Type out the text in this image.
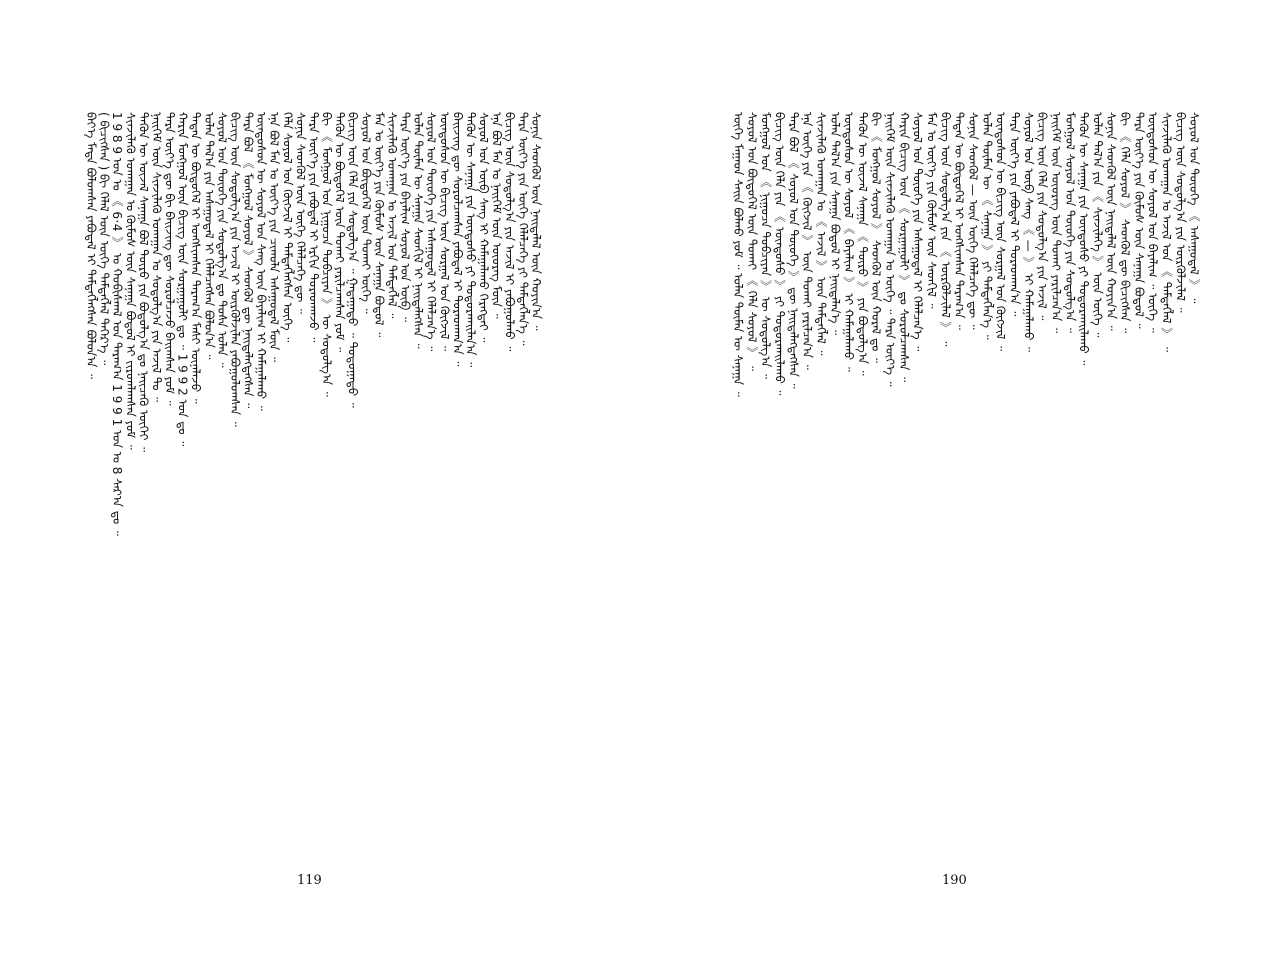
ᠪᠡᠶ᠎ᠡ ᠮᠡᠳᠡ ᠪᠤᠯᠤᠭᠰᠠᠨ ᠶᠠᠪᠤᠳᠠᠯ ᠢ ᠲᠡᠮᠳᠡᠭᠯᠡᠭᠰᠡᠨ ᠪᠣᠯᠤᠨ᠎ᠠ ᠃ ( ᠪᠢᠴᠢᠭᠰᠡᠨ ) ᠪᠢ ᠬᠡᠯᠡᠯ ᠦᠨ ᠦᠭᠡ ᠲᠡᠮᠳᠡᠭᠯᠡᠯ ᠳᠡᠭᠡᠷ᠎ᠡ ᠃ 1 9 8 9 ᠣᠨ ᠤ 《 6·4 》 ᠤ ᠬᠤᠪᠢᠰᠬᠠᠯ ᠤᠨ ᠳᠠᠷᠠᠭ᠎ᠠ 1 9 9 1 ᠣᠨ ᠤ 8 ᠰᠠᠷ᠎ᠠ ᠳᠤ ᠃ ᠰᠢᠨᠵᠢᠯᠡᠬᠦ ᠤᠬᠠᠭᠠᠨ ᠤ ᠬᠦᠮᠦᠰ ᠦᠨ ᠰᠠᠨᠠᠭᠠ ᠪᠣᠳᠤᠯ ᠢ ᠵᠢᠷᠤᠭᠯᠠᠭᠰᠠᠨ ᠶᠤᠮ ᠃ ᠲᠡᠭᠦᠨ ᠦ ᠦᠵᠡᠯ ᠰᠠᠨᠠᠭᠠ ᠪᠣᠯ ᠲᠦᠷᠦ ᠶᠢᠨ ᠪᠣᠳᠣᠯᠭ᠎ᠠ ᠳᠤ ᠨᠡᠢᠴᠡᠬᠦ ᠦᠭᠡᠢ ᠃ ᠨᠡᠢᠭᠡᠮ ᠦᠨ ᠰᠢᠨᠵᠢᠯᠡᠬᠦ ᠤᠬᠠᠭᠠᠨ ᠤ ᠰᠤᠳᠤᠯᠭ᠎ᠠ ᠶᠢᠨ ᠠᠵᠢᠯ ᠲᠤ ᠃ ᠲᠡᠷᠡ ᠦᠶ᠎ᠡ ᠳᠦ ᠪᠢ ᠪᠡᠢᠵᠢᠩ ᠳᠦ ᠰᠤᠷᠤᠯᠴᠠᠵᠤ ᠪᠠᠢᠭᠰᠠᠨ ᠶᠤᠮ ᠃ ᠬᠠᠷᠢᠨ ᠮᠣᠩᠭᠣᠯ ᠦᠨ ᠪᠢᠴᠢᠭ ᠦᠨ ᠰᠤᠷᠭᠠᠭᠤᠯᠢ ᠳᠤ ᠃ 1 9 9 2 ᠣᠨ ᠳᠤ ᠃ ᠲᠡᠳᠡᠨ ᠦ ᠪᠦᠲᠦᠭᠡᠯ ᠢ ᠤᠩᠰᠢᠭᠰᠠᠨ ᠳᠠᠷᠠᠭ᠎ᠠ ᠮᠠᠰᠢ ᠦᠨᠡᠯᠡᠵᠦ ᠃ ᠣᠯᠠᠨ ᠲᠠᠯ᠎ᠠ ᠶᠢᠨ ᠠᠰᠠᠭᠤᠳᠠᠯ ᠢ ᠬᠡᠯᠡᠯᠴᠡᠭᠰᠡᠨ ᠪᠣᠯᠤᠨ᠎ᠠ ᠃ ᠰᠣᠶᠣᠯ ᠤᠨ ᠲᠦᠦᠬᠡ ᠶᠢᠨ ᠰᠤᠳᠤᠯᠭ᠎ᠠ ᠳᠤ ᠲᠤᠰᠠ ᠣᠯᠠᠨ ᠃ ᠪᠢᠴᠢᠭ ᠦᠨ ᠰᠤᠳᠤᠯᠭ᠎ᠠ ᠶᠢᠨ ᠠᠵᠢᠯ ᠢ ᠦᠷᠭᠦᠯᠵᠢᠯᠡᠨ ᠶᠠᠪᠤᠭᠤᠯᠤᠭᠰᠠᠨ ᠃ ᠲᠡᠷᠡ ᠪᠣᠯ 《 ᠮᠣᠩᠭᠣᠯ ᠰᠣᠶᠣᠯ 》 ᠰᠡᠳᠭᠦᠯ ᠳᠦ ᠨᠡᠢᠲᠡᠯᠡᠭᠳᠡᠭᠰᠡᠨ ᠃ ᠦᠨᠳᠦᠰᠦᠨ ᠦ ᠰᠣᠶᠣᠯ ᠤᠨ ᠰᠠᠩ ᠦᠨ ᠪᠠᠶᠠᠯᠢᠭ ᠢ ᠬᠠᠮᠠᠭᠠᠯᠠᠬᠤ ᠃ ᠡᠨᠡ ᠪᠣᠯ ᠮᠠᠨ ᠤ ᠦᠶ᠎ᠡ ᠶᠢᠨ ᠴᠢᠬᠤᠯᠠ ᠠᠰᠠᠭᠤᠳᠠᠯ ᠮᠥᠨ ᠃ ᠬᠡᠯᠡ ᠰᠣᠶᠣᠯ ᠤᠨ ᠬᠥᠭᠵᠢᠯ ᠢ ᠲᠡᠮᠳᠡᠭᠯᠡᠭᠰᠡᠨ ᠦᠭᠡ ᠃ ᠰᠣᠨᠢᠨ ᠰᠡᠳᠭᠦᠯ ᠦᠨ ᠦᠭᠡ ᠬᠡᠯᠡᠯᠴᠡᠭᠡ ᠳᠦ ᠃ ᠲᠡᠷᠡ ᠦᠶ᠎ᠡ ᠶᠢᠨ ᠶᠠᠪᠤᠳᠠᠯ ᠢ ᠡᠷᠭᠢᠨ ᠳᠤᠷᠠᠳᠬᠠᠵᠤ ᠃ ᠪᠢ 《 ᠮᠣᠩᠭᠣᠯ ᠤᠨ ᠨᠢᠭᠤᠴᠠ ᠲᠣᠪᠴᠢᠶᠠᠨ 》 ᠦ ᠰᠤᠳᠤᠯᠭ᠎ᠠ ᠃ ᠲᠡᠭᠦᠨ ᠦ ᠪᠦᠲᠦᠭᠡᠯ ᠦᠨ ᠲᠤᠬᠠᠢ ᠶᠠᠷᠢᠯᠴᠠᠭᠰᠠᠨ ᠶᠤᠮ ᠃ ᠪᠢᠴᠢᠭ ᠦᠨ ᠬᠡᠯᠡ ᠶᠢᠨ ᠰᠤᠳᠤᠯᠭ᠎ᠠ ᠃ ᠭᠠᠳᠠᠭᠠᠳᠤ ᠃ ᠳᠣᠲᠣᠭᠠᠳᠤ ᠃ ᠰᠣᠶᠣᠯ ᠤᠨ ᠪᠦᠲᠦᠭᠡᠯ ᠦᠨ ᠲᠤᠬᠠᠢ ᠦᠭᠡ ᠃ ᠮᠠᠨ ᠤ ᠦᠶ᠎ᠡ ᠶᠢᠨ ᠬᠦᠮᠦᠰ ᠦᠨ ᠰᠠᠨᠠᠭᠠ ᠪᠣᠳᠤᠯ ᠃ ᠰᠢᠨᠵᠢᠯᠡᠬᠦ ᠤᠬᠠᠭᠠᠨ ᠤ ᠠᠵᠢᠯ ᠤᠨ ᠲᠡᠮᠳᠡᠭᠯᠡᠯ ᠃ ᠲᠡᠷᠡ ᠦᠶ᠎ᠡ ᠶᠢᠨ ᠪᠠᠶᠠᠯᠢᠭ ᠰᠣᠶᠣᠯ ᠤᠨ ᠦᠪ ᠃ ᠣᠯᠠᠨ ᠲᠦᠮᠡᠨ ᠦ ᠰᠠᠨᠠᠭᠠ ᠰᠡᠳᠬᠢᠯ ᠢ ᠨᠡᠢᠲᠡᠯᠡᠭᠰᠡᠨ ᠃ ᠰᠣᠶᠣᠯ ᠤᠨ ᠲᠦᠦᠬᠡ ᠶᠢᠨ ᠠᠰᠠᠭᠤᠳᠠᠯ ᠢ ᠬᠡᠯᠡᠯᠴᠡᠨ᠎ᠡ ᠃ ᠦᠨᠳᠦᠰᠦᠨ ᠦ ᠪᠢᠴᠢᠭ ᠦᠨ ᠰᠤᠷᠭᠠᠯ ᠤᠨ ᠬᠥᠭᠵᠢᠯ ᠃ ᠪᠡᠢᠵᠢᠩ ᠳᠦ ᠰᠤᠷᠤᠯᠴᠠᠭᠰᠠᠨ ᠶᠠᠪᠤᠳᠠᠯ ᠢ ᠳᠤᠷᠠᠳᠬᠠᠨ᠎ᠠ ᠃ ᠲᠡᠭᠦᠨ ᠦ ᠰᠠᠨᠠᠭᠠ ᠶᠢᠨ ᠦᠨᠳᠦᠰᠦ ᠶᠢ ᠲᠣᠳᠣᠷᠬᠠᠢᠯᠠᠨ᠎ᠠ ᠃ ᠰᠣᠶᠣᠯ ᠤᠨ ᠦᠪ ᠰᠠᠩ ᠢ ᠬᠠᠮᠠᠭᠠᠯᠠᠬᠤ ᠬᠡᠷᠡᠭᠲᠡᠢ ᠃ ᠡᠨᠡ ᠪᠣᠯ ᠮᠠᠨ ᠤ ᠨᠡᠢᠭᠡᠮ ᠦᠨ ᠦᠦᠷᠡᠭ ᠮᠥᠨ ᠃ ᠪᠢᠴᠢᠭ ᠦᠨ ᠰᠤᠳᠤᠯᠭ᠎ᠠ ᠶᠢᠨ ᠠᠵᠢᠯ ᠢ ᠶᠠᠪᠤᠭᠤᠯᠬᠤ ᠃ ᠲᠡᠷᠡ ᠦᠶ᠎ᠡ ᠶᠢᠨ ᠦᠭᠡ ᠬᠡᠯᠡᠯᠴᠡᠭᠡ ᠶᠢ ᠲᠡᠮᠳᠡᠭᠯᠡᠨ᠎ᠡ ᠃ ᠰᠣᠨᠢᠨ ᠰᠡᠳᠭᠦᠯ ᠦᠨ ᠨᠡᠢᠲᠡᠯᠡᠯ ᠦᠨ ᠬᠣᠶᠢᠨ᠎ᠠ ᠃
119
ᠦᠭᠡ ᠮᠠᠭᠠᠳ ᠰᠠᠢᠨ ᠪᠣᠯᠬᠤ ᠶᠤᠮ ᠃ ᠣᠯᠠᠨ ᠲᠦᠮᠡᠨ ᠦ ᠰᠠᠨᠠᠭᠠ ᠃ ᠰᠣᠶᠣᠯ ᠤᠨ ᠪᠦᠲᠦᠭᠡᠯ ᠦᠨ ᠲᠤᠬᠠᠢ 《 ᠬᠡᠯᠡ ᠰᠣᠶᠣᠯ 》 ᠃ ᠮᠣᠩᠭᠣᠯ ᠤᠨ 《 ᠨᠢᠭᠤᠴᠠ ᠲᠣᠪᠴᠢᠶᠠᠨ 》 ᠦ ᠰᠤᠳᠤᠯᠭ᠎ᠠ ᠃ ᠪᠢᠴᠢᠭ ᠦᠨ ᠬᠡᠯᠡ ᠶᠢᠨ 《 ᠦᠨᠳᠦᠰᠦ 》 ᠶᠢ ᠲᠣᠳᠣᠷᠬᠠᠢᠯᠠᠬᠤ ᠃ ᠲᠡᠷᠡ ᠪᠣᠯ 《 ᠰᠣᠶᠣᠯ ᠤᠨ ᠲᠦᠦᠬᠡ 》 ᠳᠦ ᠨᠡᠢᠲᠡᠯᠡᠭᠳᠡᠭᠰᠡᠨ ᠃ ᠡᠨᠡ ᠦᠭᠡ ᠶᠢᠨ 《 ᠬᠥᠭᠵᠢᠯ 》 ᠦᠨ ᠲᠤᠬᠠᠢ ᠶᠠᠷᠢᠯᠴᠠᠨ᠎ᠠ ᠃ ᠰᠢᠨᠵᠢᠯᠡᠬᠦ ᠤᠬᠠᠭᠠᠨ ᠤ 《 ᠠᠵᠢᠯ 》 ᠦᠨ ᠲᠡᠮᠳᠡᠭᠯᠡᠯ ᠃ ᠣᠯᠠᠨ ᠲᠠᠯ᠎ᠠ ᠶᠢᠨ ᠰᠠᠨᠠᠭᠠ ᠪᠣᠳᠤᠯ ᠢ ᠨᠡᠢᠲᠡᠯᠡᠨ᠎ᠡ ᠃ ᠦᠨᠳᠦᠰᠦᠨ ᠦ ᠰᠣᠶᠣᠯ 《 ᠪᠠᠶᠠᠯᠢᠭ 》 ᠢ ᠬᠠᠮᠠᠭᠠᠯᠠᠬᠤ ᠃ ᠲᠡᠭᠦᠨ ᠦ ᠦᠵᠡᠯ ᠰᠠᠨᠠᠭᠠ 《 ᠲᠦᠷᠦ 》 ᠶᠢᠨ ᠪᠣᠳᠣᠯᠭ᠎ᠠ ᠃ ᠪᠢ 《 ᠮᠣᠩᠭᠣᠯ ᠰᠣᠶᠣᠯ 》 ᠰᠡᠳᠭᠦᠯ ᠦᠨ ᠬᠤᠷᠠᠯ ᠳᠤ ᠃ ᠨᠡᠢᠭᠡᠮ ᠦᠨ ᠰᠢᠨᠵᠢᠯᠡᠬᠦ ᠤᠬᠠᠭᠠᠨ ᠤ ᠦᠭᠡ ᠃ ᠲᠡᠷᠡ ᠦᠶ᠎ᠡ ᠃ ᠬᠠᠷᠢᠨ ᠪᠢᠴᠢᠭ ᠦᠨ 《 ᠰᠤᠷᠭᠠᠭᠤᠯᠢ 》 ᠳᠤ ᠰᠤᠷᠤᠯᠴᠠᠭᠰᠠᠨ ᠃ ᠰᠣᠶᠣᠯ ᠤᠨ ᠲᠦᠦᠬᠡ ᠶᠢᠨ ᠠᠰᠠᠭᠤᠳᠠᠯ ᠢ ᠬᠡᠯᠡᠯᠴᠡᠨ᠎ᠡ ᠃ ᠮᠠᠨ ᠤ ᠦᠶ᠎ᠡ ᠶᠢᠨ ᠬᠦᠮᠦᠰ ᠦᠨ ᠰᠡᠳᠬᠢᠯ ᠃ ᠪᠢᠴᠢᠭ ᠦᠨ ᠰᠤᠳᠤᠯᠭ᠎ᠠ ᠶᠢᠨ 《 ᠦᠷᠭᠦᠯᠵᠢᠯᠡᠯ 》 ᠃ ᠲᠡᠳᠡᠨ ᠦ ᠪᠦᠲᠦᠭᠡᠯ ᠢ ᠤᠩᠰᠢᠭᠰᠠᠨ ᠳᠠᠷᠠᠭ᠎ᠠ ᠃ ᠰᠣᠨᠢᠨ ᠰᠡᠳᠭᠦᠯ — ᠦᠨ ᠦᠭᠡ ᠬᠡᠯᠡᠯᠴᠡᠭᠡ ᠳᠦ ᠃ ᠣᠯᠠᠨ ᠲᠦᠮᠡᠨ ᠦ 《 ᠰᠠᠨᠠᠭᠠ 》 ᠶᠢ ᠲᠡᠮᠳᠡᠭᠯᠡᠨ᠎ᠡ ᠃ ᠦᠨᠳᠦᠰᠦᠨ ᠦ ᠪᠢᠴᠢᠭ ᠦᠨ ᠰᠤᠷᠭᠠᠯ ᠤᠨ ᠬᠥᠭᠵᠢᠯ ᠃ ᠲᠡᠷᠡ ᠦᠶ᠎ᠡ ᠶᠢᠨ ᠶᠠᠪᠤᠳᠠᠯ ᠢ ᠳᠤᠷᠠᠳᠬᠠᠨ᠎ᠠ ᠃ ᠰᠣᠶᠣᠯ ᠤᠨ ᠦᠪ ᠰᠠᠩ 《 — 》 ᠢ ᠬᠠᠮᠠᠭᠠᠯᠠᠬᠤ ᠃ ᠪᠢᠴᠢᠭ ᠦᠨ ᠬᠡᠯᠡ ᠶᠢᠨ ᠰᠤᠳᠤᠯᠭ᠎ᠠ ᠶᠢᠨ ᠠᠵᠢᠯ ᠃ ᠨᠡᠢᠭᠡᠮ ᠦᠨ ᠦᠦᠷᠡᠭ ᠦᠨ ᠲᠤᠬᠠᠢ ᠶᠠᠷᠢᠯᠴᠠᠨ᠎ᠠ ᠃ ᠮᠣᠩᠭᠣᠯ ᠰᠣᠶᠣᠯ ᠤᠨ ᠲᠦᠦᠬᠡ ᠶᠢᠨ ᠰᠤᠳᠤᠯᠭ᠎ᠠ ᠃ ᠲᠡᠭᠦᠨ ᠦ ᠰᠠᠨᠠᠭᠠ ᠶᠢᠨ ᠦᠨᠳᠦᠰᠦ ᠶᠢ ᠲᠣᠳᠣᠷᠬᠠᠢᠯᠠᠬᠤ ᠃ ᠣᠯᠠᠨ ᠲᠠᠯ᠎ᠠ ᠶᠢᠨ 《 ᠰᠢᠨᠵᠢᠯᠡᠭᠡ 》 ᠦᠨ ᠦᠭᠡ ᠃ ᠰᠣᠨᠢᠨ ᠰᠡᠳᠭᠦᠯ ᠦᠨ ᠨᠡᠢᠲᠡᠯᠡᠯ ᠦᠨ ᠬᠣᠶᠢᠨ᠎ᠠ ᠃ ᠪᠢ 《 ᠬᠡᠯᠡ ᠰᠣᠶᠣᠯ 》 ᠰᠡᠳᠭᠦᠯ ᠳᠦ ᠪᠢᠴᠢᠭᠰᠡᠨ ᠃ ᠲᠡᠷᠡ ᠦᠶ᠎ᠡ ᠶᠢᠨ ᠬᠦᠮᠦᠰ ᠦᠨ ᠰᠠᠨᠠᠭᠠ ᠪᠣᠳᠤᠯ ᠃ ᠦᠨᠳᠦᠰᠦᠨ ᠦ ᠰᠣᠶᠣᠯ ᠤᠨ ᠪᠠᠶᠠᠯᠢᠭ ᠃ ᠦᠭᠡ ᠃ ᠰᠢᠨᠵᠢᠯᠡᠬᠦ ᠤᠬᠠᠭᠠᠨ ᠤ ᠠᠵᠢᠯ ᠤᠨ 《 ᠲᠡᠮᠳᠡᠭᠯᠡᠯ 》 ᠃ ᠪᠢᠴᠢᠭ ᠦᠨ ᠰᠤᠳᠤᠯᠭ᠎ᠠ ᠶᠢᠨ ᠦᠷᠭᠦᠯᠵᠢᠯᠡᠯ ᠃ ᠰᠣᠶᠣᠯ ᠤᠨ ᠲᠦᠦᠬᠡ 《 ᠠᠰᠠᠭᠤᠳᠠᠯ 》 ᠃
190
